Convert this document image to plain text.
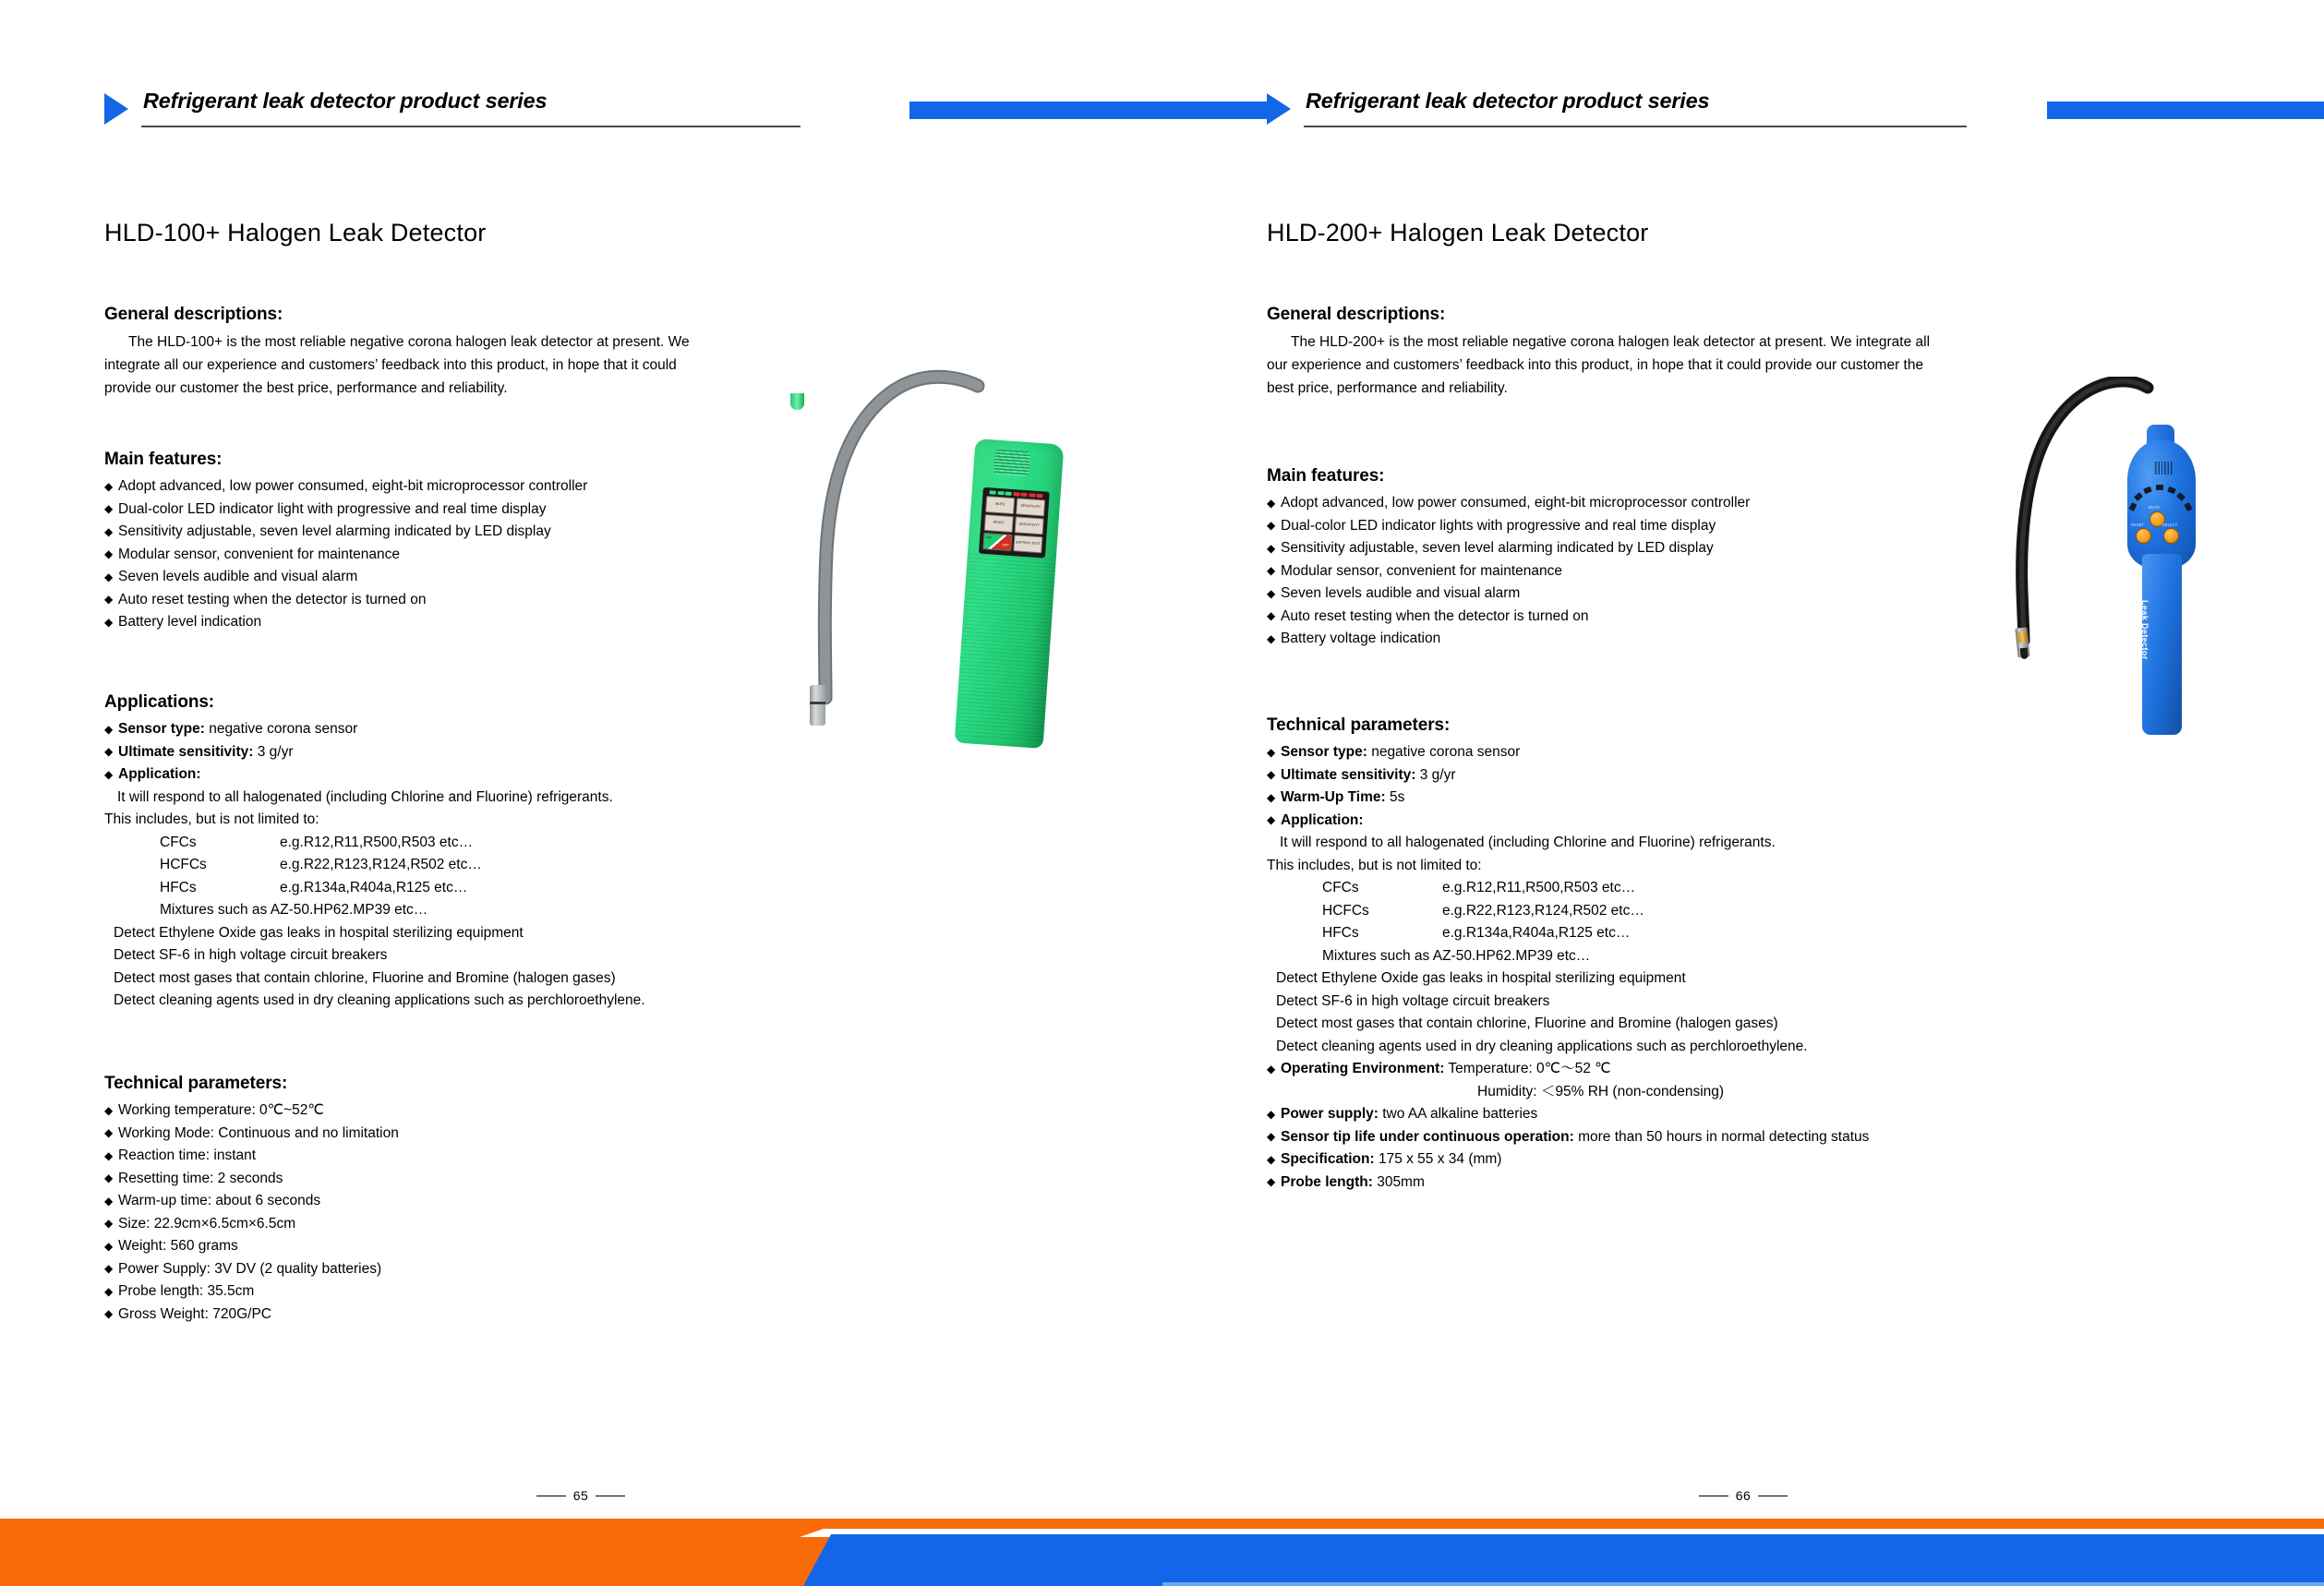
Refrigerant leak detector product series
HLD-100+ Halogen Leak Detector
General descriptions:

The HLD-100+ is the most reliable negative corona halogen leak detector at present. We integrate all our experience and customers’ feedback into this product, in hope that it could provide our customer the best price, performance and reliability.

Main features:
◆ Adopt advanced, low power consumed, eight-bit microprocessor controller
◆ Dual-color LED indicator light with progressive and real time display
◆ Sensitivity adjustable, seven level alarming indicated by LED display
◆ Modular sensor, convenient for maintenance
◆ Seven levels audible and visual alarm
◆ Auto reset testing when the detector is turned on
◆ Battery level indication
Applications:
◆ Sensor type: negative corona sensor
◆ Ultimate sensitivity: 3 g/yr
◆ Application:
It will respond to all halogenated (including Chlorine and Fluorine) refrigerants.
This includes, but is not limited to:
CFCs	e.g.R12,R11,R500,R503 etc…
HCFCs	e.g.R22,R123,R124,R502 etc…
HFCs	e.g.R134a,R404a,R125 etc…
Mixtures such as AZ-50.HP62.MP39 etc…	
Detect Ethylene Oxide gas leaks in hospital sterilizing equipment
Detect SF-6 in high voltage circuit breakers
Detect most gases that contain chlorine, Fluorine and Bromine (halogen gases)
Detect cleaning agents used in dry cleaning applications such as perchloroethylene.
Technical parameters:
◆ Working temperature: 0℃~52℃
◆ Working Mode: Continuous and no limitation
◆ Reaction time: instant
◆ Resetting time: 2 seconds
◆ Warm-up time: about 6 seconds
◆ Size: 22.9cm×6.5cm×6.5cm
◆ Weight: 560 grams
◆ Power Supply: 3V DV (2 quality batteries)
◆ Probe length: 35.5cm
◆ Gross Weight: 720G/PC
65
Refrigerant leak detector product series
HLD-200+ Halogen Leak Detector
General descriptions:

The HLD-200+ is the most reliable negative corona halogen leak detector at present. We integrate all our experience and customers’ feedback into this product, in hope that it could provide our customer the best price, performance and reliability.

Main features:
◆ Adopt advanced, low power consumed, eight-bit microprocessor controller
◆ Dual-color LED indicator lights with progressive and real time display
◆ Sensitivity adjustable, seven level alarming indicated by LED display
◆ Modular sensor, convenient for maintenance
◆ Seven levels audible and visual alarm
◆ Auto reset testing when the detector is turned on
◆ Battery voltage indication
Technical parameters:
◆ Sensor type: negative corona sensor
◆ Ultimate sensitivity: 3 g/yr
◆ Warm-Up Time: 5s
◆ Application:
It will respond to all halogenated (including Chlorine and Fluorine) refrigerants.
This includes, but is not limited to:
CFCs	e.g.R12,R11,R500,R503 etc…
HCFCs	e.g.R22,R123,R124,R502 etc…
HFCs	e.g.R134a,R404a,R125 etc…
Mixtures such as AZ-50.HP62.MP39 etc…	
Detect Ethylene Oxide gas leaks in hospital sterilizing equipment
Detect SF-6 in high voltage circuit breakers
Detect most gases that contain chlorine, Fluorine and Bromine (halogen gases)
Detect cleaning agents used in dry cleaning applications such as perchloroethylene.
◆ Operating Environment: Temperature: 0℃～52 ℃
Humidity: ＜95% RH (non-condensing)
◆ Power supply: two AA alkaline batteries
◆ Sensor tip life under continuous operation: more than 50 hours in normal detecting status
◆ Specification: 175 x 55 x 34 (mm)
◆ Probe length: 305mm
66
MUTE	SENSITIVITY
RESET	SENSITIVITY
ON
OFF	BATTERY TEST
MUTE
RESET	SELECT
Leak Detector
